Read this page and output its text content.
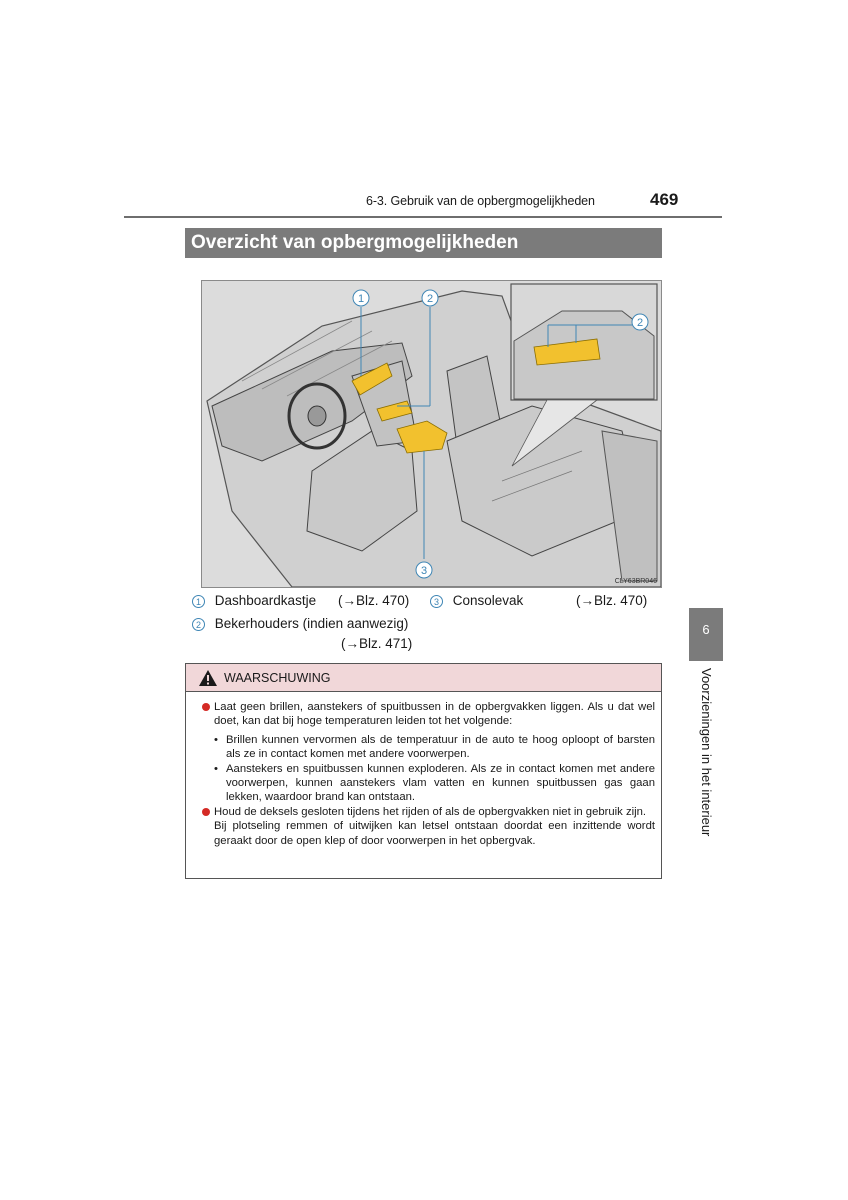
6-3. Gebruik van de opbergmogelijkheden	469
Overzicht van opbergmogelijkheden
1	2
3
2
CLY63BR046
1 Dashboardkastje (→Blz. 470)	3 Consolevak	(→Blz. 470)
2 Bekerhouders (indien aanwezig)
(→Blz. 471)
WAARSCHUWING
Laat geen brillen, aanstekers of spuitbussen in de opbergvakken liggen. Als u dat wel doet, kan dat bij hoge temperaturen leiden tot het volgende:
• Brillen kunnen vervormen als de temperatuur in de auto te hoog oploopt of barsten als ze in contact komen met andere voorwerpen.
• Aanstekers en spuitbussen kunnen exploderen. Als ze in contact komen met andere voorwerpen, kunnen aanstekers vlam vatten en kunnen spuitbussen gas gaan lekken, waardoor brand kan ontstaan.
Houd de deksels gesloten tijdens het rijden of als de opbergvakken niet in gebruik zijn.
Bij plotseling remmen of uitwijken kan letsel ontstaan doordat een inzittende wordt geraakt door de open klep of door voorwerpen in het opbergvak.
6
Voorzieningen in het interieur
